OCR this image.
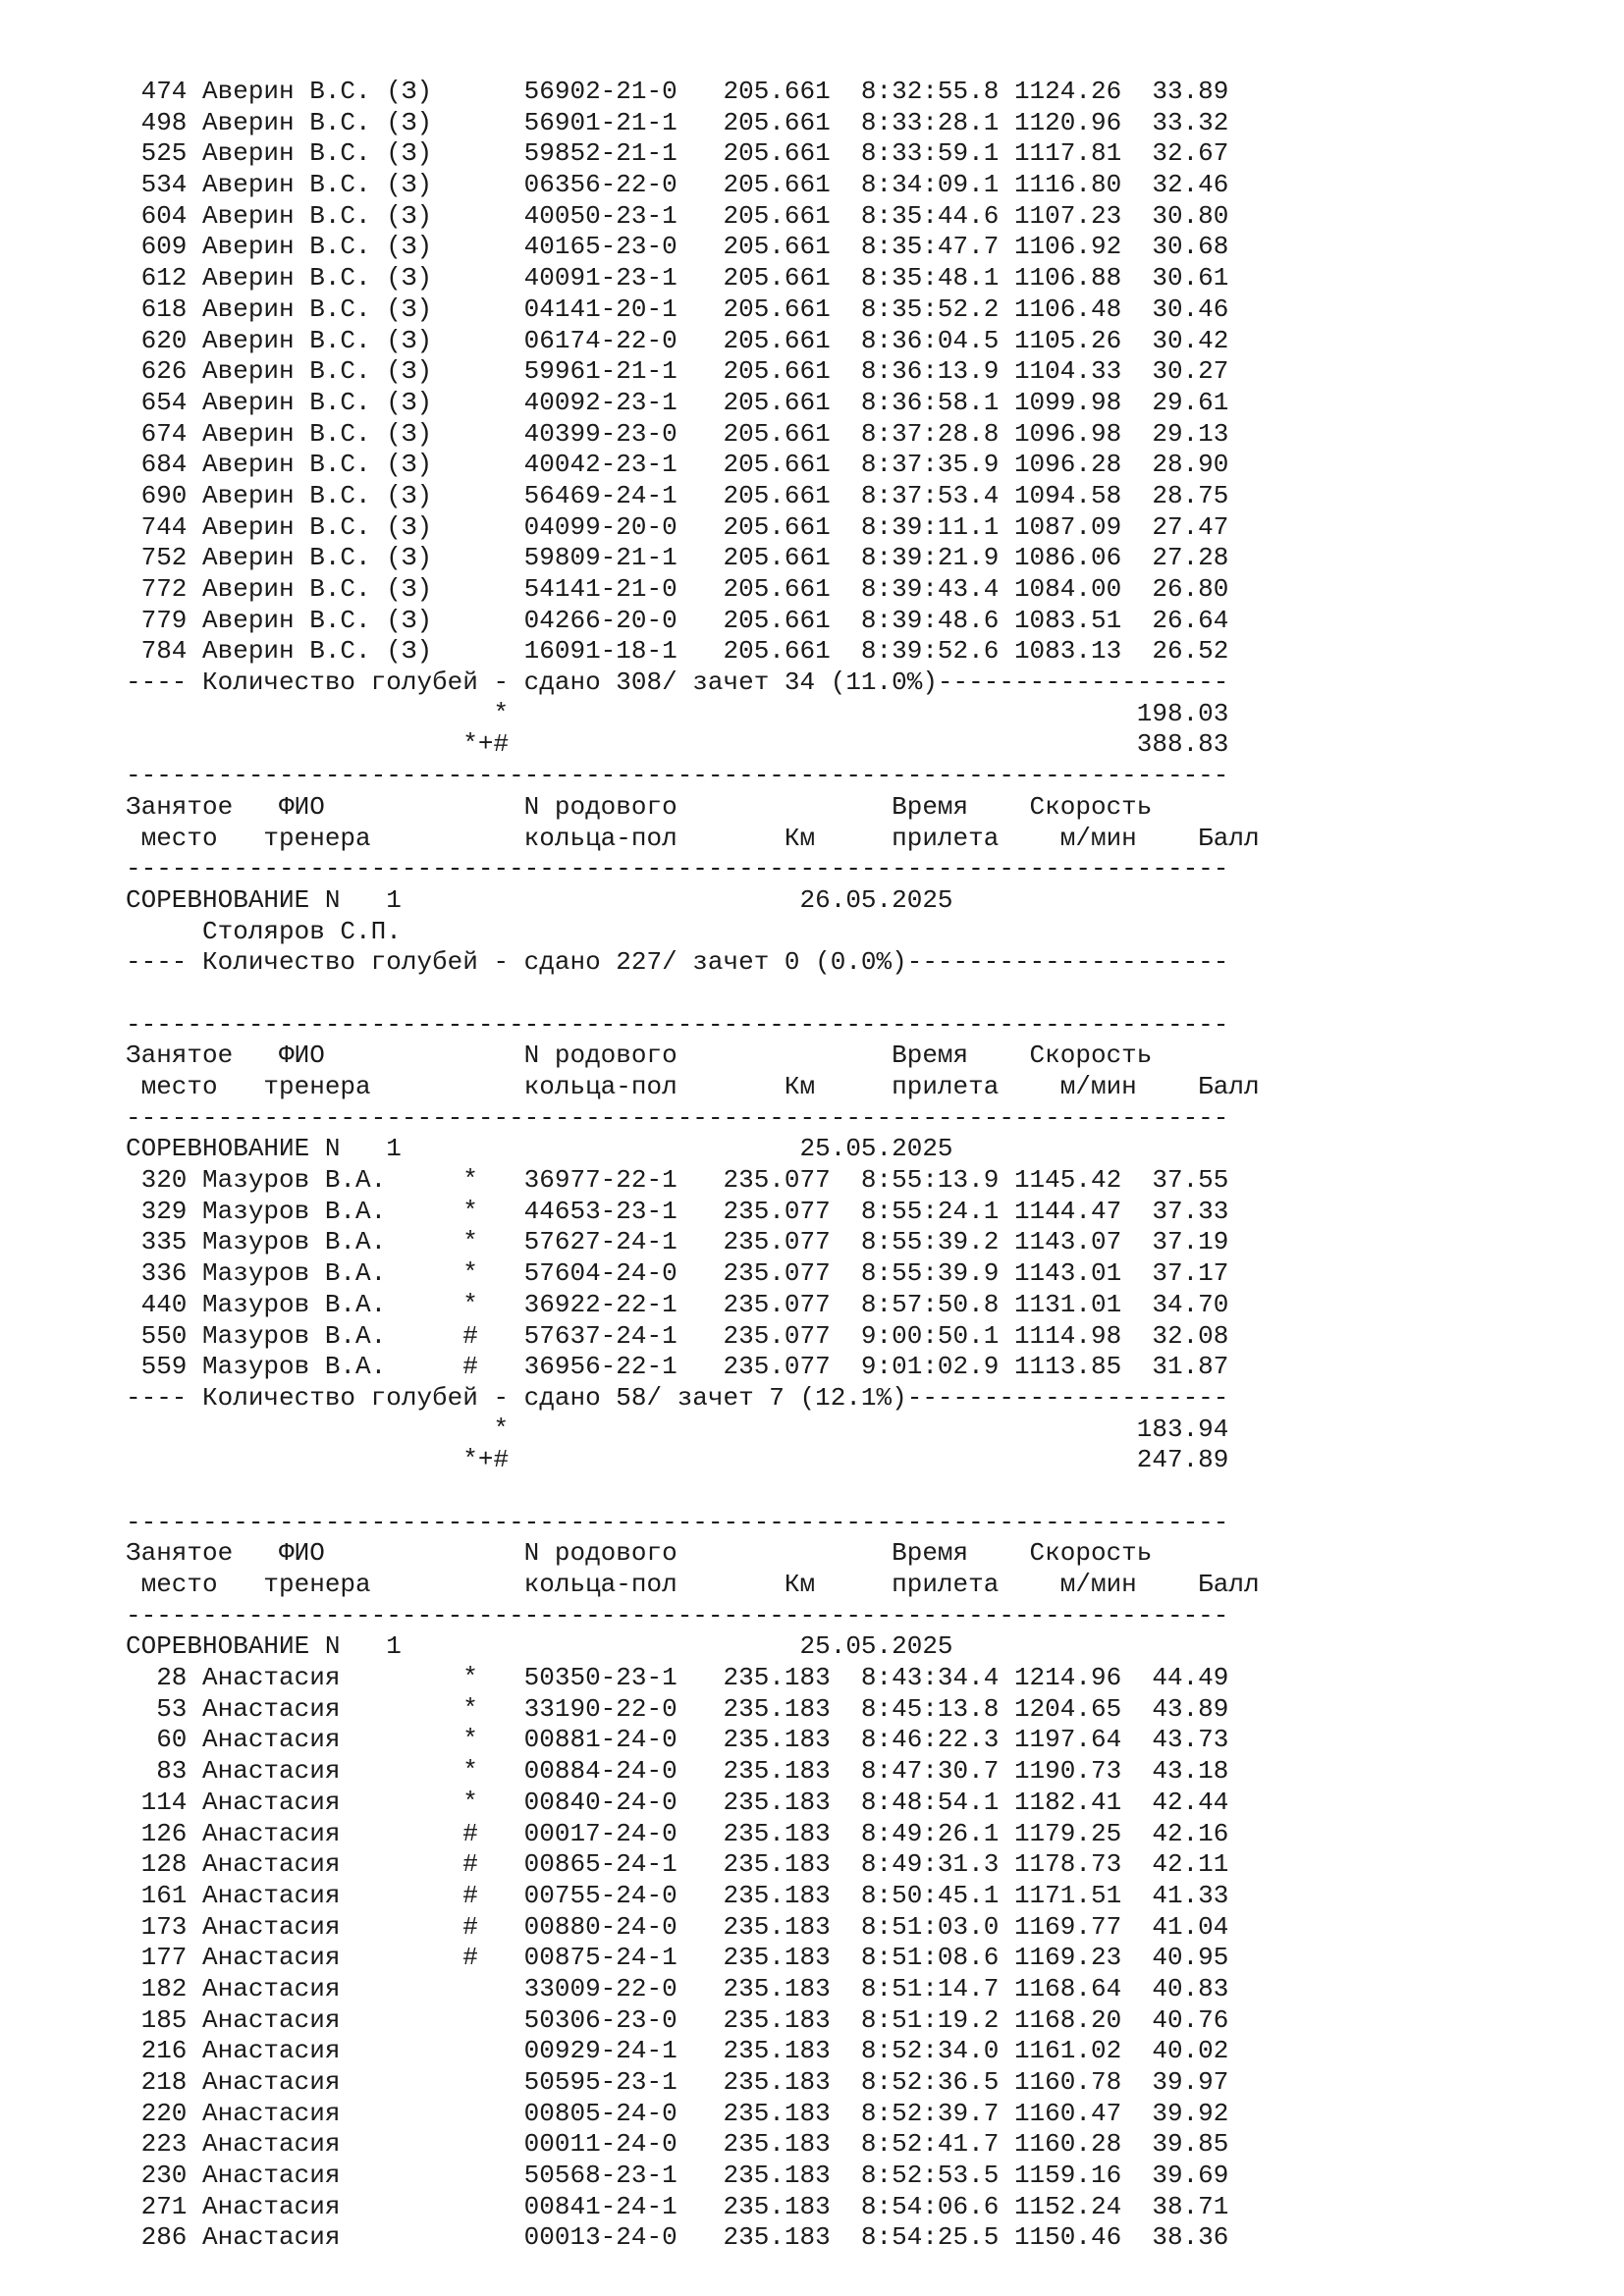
474 Аверин В.С. (З)      56902-21-0   205.661  8:32:55.8 1124.26  33.89
498 Аверин В.С. (З)      56901-21-1   205.661  8:33:28.1 1120.96  33.32
525 Аверин В.С. (З)      59852-21-1   205.661  8:33:59.1 1117.81  32.67
534 Аверин В.С. (З)      06356-22-0   205.661  8:34:09.1 1116.80  32.46
604 Аверин В.С. (З)      40050-23-1   205.661  8:35:44.6 1107.23  30.80
609 Аверин В.С. (З)      40165-23-0   205.661  8:35:47.7 1106.92  30.68
612 Аверин В.С. (З)      40091-23-1   205.661  8:35:48.1 1106.88  30.61
618 Аверин В.С. (З)      04141-20-1   205.661  8:35:52.2 1106.48  30.46
620 Аверин В.С. (З)      06174-22-0   205.661  8:36:04.5 1105.26  30.42
626 Аверин В.С. (З)      59961-21-1   205.661  8:36:13.9 1104.33  30.27
654 Аверин В.С. (З)      40092-23-1   205.661  8:36:58.1 1099.98  29.61
674 Аверин В.С. (З)      40399-23-0   205.661  8:37:28.8 1096.98  29.13
684 Аверин В.С. (З)      40042-23-1   205.661  8:37:35.9 1096.28  28.90
690 Аверин В.С. (З)      56469-24-1   205.661  8:37:53.4 1094.58  28.75
744 Аверин В.С. (З)      04099-20-0   205.661  8:39:11.1 1087.09  27.47
752 Аверин В.С. (З)      59809-21-1   205.661  8:39:21.9 1086.06  27.28
772 Аверин В.С. (З)      54141-21-0   205.661  8:39:43.4 1084.00  26.80
779 Аверин В.С. (З)      04266-20-0   205.661  8:39:48.6 1083.51  26.64
784 Аверин В.С. (З)      16091-18-1   205.661  8:39:52.6 1083.13  26.52
---- Количество голубей - сдано 308/ зачет 34 (11.0%)-------------------
*                                         198.03
*+#                                         388.83
------------------------------------------------------------------------
Занятое   ФИО             N родового              Время    Скорость
место   тренера          кольца-пол       Км     прилета    м/мин    Балл
------------------------------------------------------------------------
СОРЕВНОВАНИЕ N   1                          26.05.2025
Столяров С.П.
---- Количество голубей - сдано 227/ зачет 0 (0.0%)---------------------
------------------------------------------------------------------------
Занятое   ФИО             N родового              Время    Скорость
место   тренера          кольца-пол       Км     прилета    м/мин    Балл
------------------------------------------------------------------------
СОРЕВНОВАНИЕ N   1                          25.05.2025
320 Мазуров В.А.     *   36977-22-1   235.077  8:55:13.9 1145.42  37.55
329 Мазуров В.А.     *   44653-23-1   235.077  8:55:24.1 1144.47  37.33
335 Мазуров В.А.     *   57627-24-1   235.077  8:55:39.2 1143.07  37.19
336 Мазуров В.А.     *   57604-24-0   235.077  8:55:39.9 1143.01  37.17
440 Мазуров В.А.     *   36922-22-1   235.077  8:57:50.8 1131.01  34.70
550 Мазуров В.А.     #   57637-24-1   235.077  9:00:50.1 1114.98  32.08
559 Мазуров В.А.     #   36956-22-1   235.077  9:01:02.9 1113.85  31.87
---- Количество голубей - сдано 58/ зачет 7 (12.1%)---------------------
*                                         183.94
*+#                                         247.89
------------------------------------------------------------------------
Занятое   ФИО             N родового              Время    Скорость
место   тренера          кольца-пол       Км     прилета    м/мин    Балл
------------------------------------------------------------------------
СОРЕВНОВАНИЕ N   1                          25.05.2025
28 Анастасия        *   50350-23-1   235.183  8:43:34.4 1214.96  44.49
53 Анастасия        *   33190-22-0   235.183  8:45:13.8 1204.65  43.89
60 Анастасия        *   00881-24-0   235.183  8:46:22.3 1197.64  43.73
83 Анастасия        *   00884-24-0   235.183  8:47:30.7 1190.73  43.18
114 Анастасия        *   00840-24-0   235.183  8:48:54.1 1182.41  42.44
126 Анастасия        #   00017-24-0   235.183  8:49:26.1 1179.25  42.16
128 Анастасия        #   00865-24-1   235.183  8:49:31.3 1178.73  42.11
161 Анастасия        #   00755-24-0   235.183  8:50:45.1 1171.51  41.33
173 Анастасия        #   00880-24-0   235.183  8:51:03.0 1169.77  41.04
177 Анастасия        #   00875-24-1   235.183  8:51:08.6 1169.23  40.95
182 Анастасия            33009-22-0   235.183  8:51:14.7 1168.64  40.83
185 Анастасия            50306-23-0   235.183  8:51:19.2 1168.20  40.76
216 Анастасия            00929-24-1   235.183  8:52:34.0 1161.02  40.02
218 Анастасия            50595-23-1   235.183  8:52:36.5 1160.78  39.97
220 Анастасия            00805-24-0   235.183  8:52:39.7 1160.47  39.92
223 Анастасия            00011-24-0   235.183  8:52:41.7 1160.28  39.85
230 Анастасия            50568-23-1   235.183  8:52:53.5 1159.16  39.69
271 Анастасия            00841-24-1   235.183  8:54:06.6 1152.24  38.71
286 Анастасия            00013-24-0   235.183  8:54:25.5 1150.46  38.36
